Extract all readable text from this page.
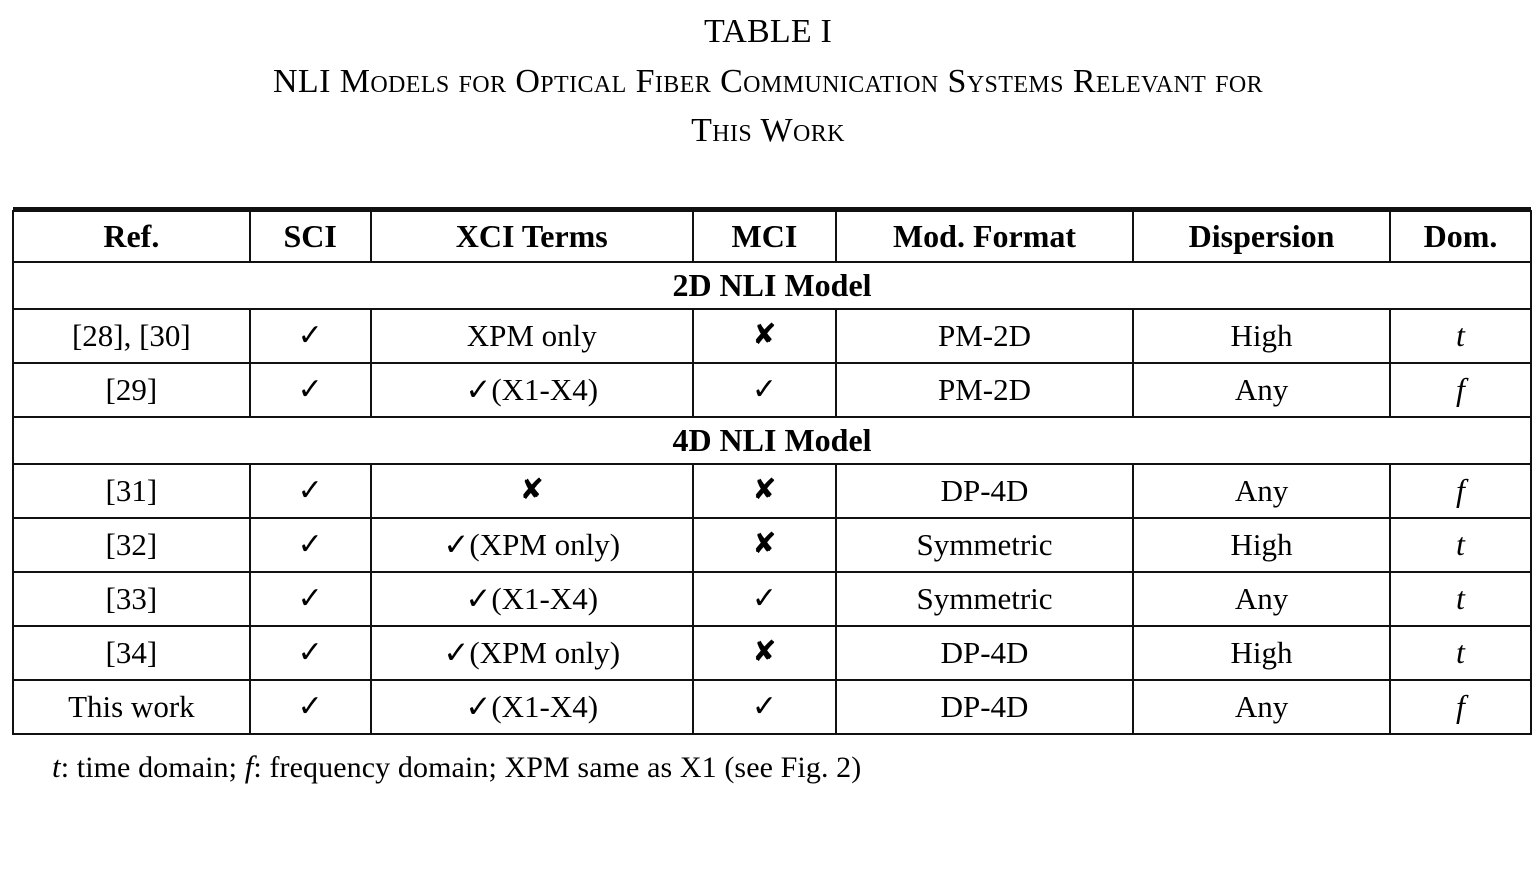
TABLE I
NLI Models for Optical Fiber Communication Systems Relevant for
This Work

Ref.	SCI	XCI Terms	MCI	Mod. Format	Dispersion	Dom.
2D NLI Model						
[28], [30]	✓	XPM only	✘	PM-2D	High	t
[29]	✓	✓(X1-X4)	✓	PM-2D	Any	f
4D NLI Model						
[31]	✓	✘	✘	DP-4D	Any	f
[32]	✓	✓(XPM only)	✘	Symmetric	High	t
[33]	✓	✓(X1-X4)	✓	Symmetric	Any	t
[34]	✓	✓(XPM only)	✘	DP-4D	High	t
This work	✓	✓(X1-X4)	✓	DP-4D	Any	f
t: time domain; f: frequency domain; XPM same as X1 (see Fig. 2)
